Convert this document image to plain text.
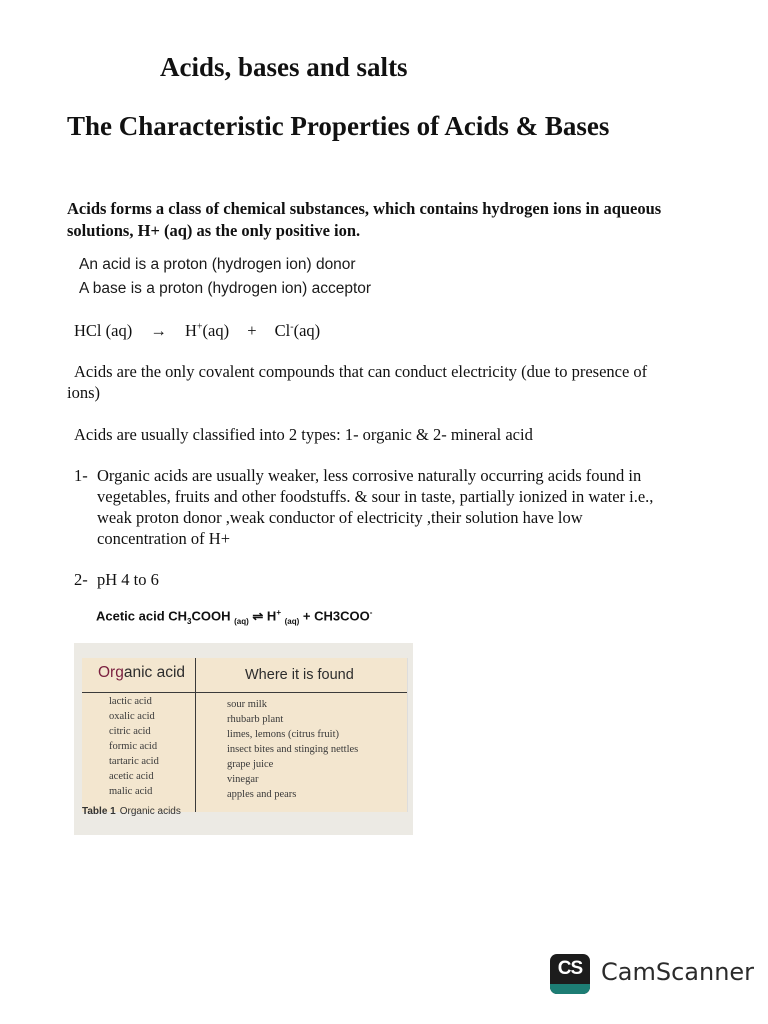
Acids, bases and salts
The Characteristic Properties of Acids & Bases
Acids forms a class of chemical substances, which contains hydrogen ions in aqueous solutions, H+ (aq) as the only positive ion.
An acid is a proton (hydrogen ion) donor
A base is a proton (hydrogen ion) acceptor
HCl (aq) → H+(aq) + Cl-(aq)
Acids are the only covalent compounds that can conduct electricity (due to presence of ions)
Acids are usually classified into 2 types: 1- organic & 2- mineral acid
1- Organic acids are usually weaker, less corrosive naturally occurring acids found in vegetables, fruits and other foodstuffs. & sour in taste, partially ionized in water i.e., weak proton donor ,weak conductor of electricity ,their solution have low concentration of H+
2- pH 4 to 6
Acetic acid $CH_3COOH$ $_{(aq)}$ ⇌ H+ $_{(aq)}$ + CH3COO-
Organic acid	Where it is found
lactic acid
oxalic acid
citric acid
formic acid
tartaric acid
acetic acid
malic acid
sour milk
rhubarb plant
limes, lemons (citrus fruit)
insect bites and stinging nettles
grape juice
vinegar
apples and pears
Table 1 Organic acids
CS CamScanner
